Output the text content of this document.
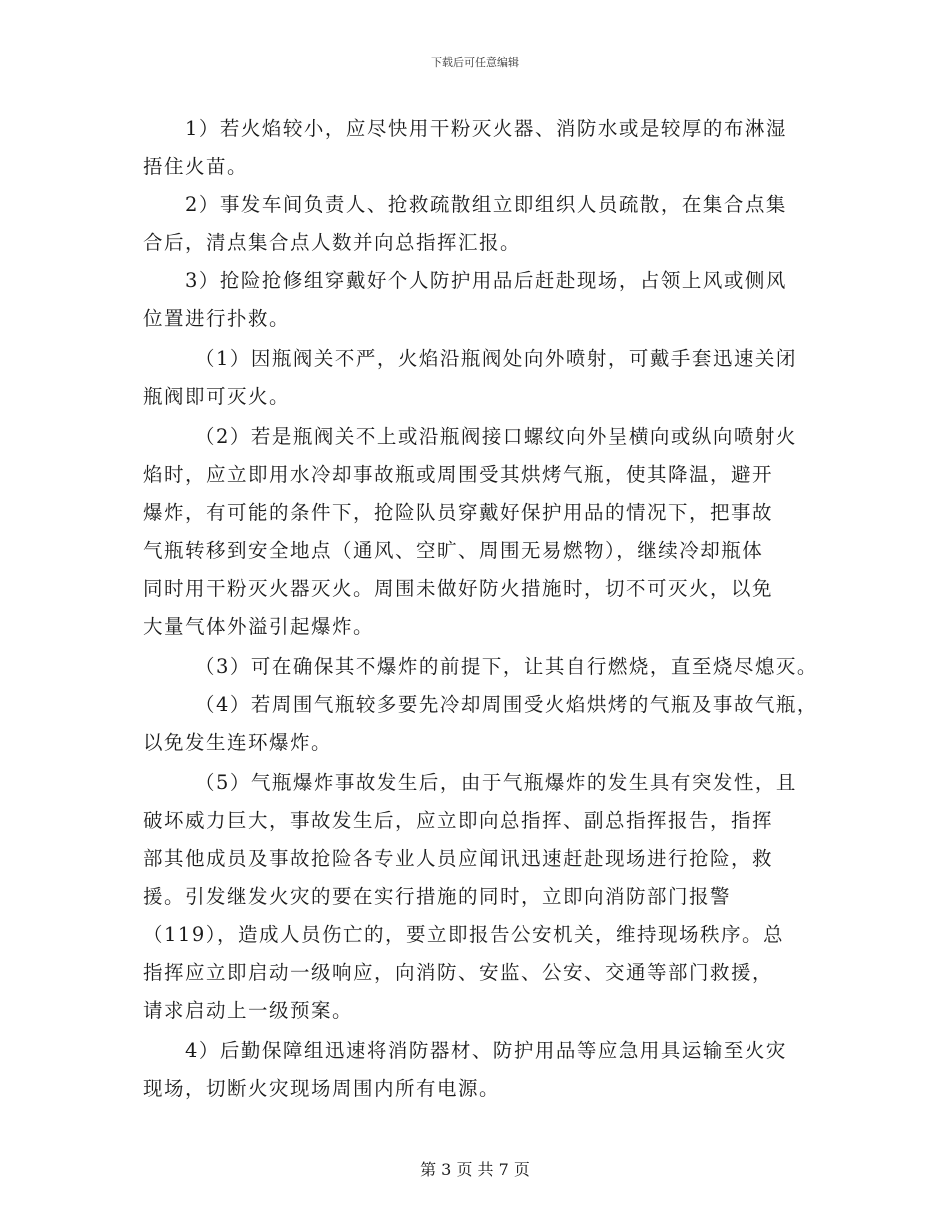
下载后可任意编辑
1）若火焰较小，应尽快用干粉灭火器、消防水或是较厚的布淋湿
捂住火苗。
2）事发车间负责人、抢救疏散组立即组织人员疏散，在集合点集
合后，清点集合点人数并向总指挥汇报。
3）抢险抢修组穿戴好个人防护用品后赶赴现场，占领上风或侧风
位置进行扑救。
（1）因瓶阀关不严，火焰沿瓶阀处向外喷射，可戴手套迅速关闭
瓶阀即可灭火。
（2）若是瓶阀关不上或沿瓶阀接口螺纹向外呈横向或纵向喷射火
焰时，应立即用水冷却事故瓶或周围受其烘烤气瓶，使其降温，避开
爆炸，有可能的条件下，抢险队员穿戴好保护用品的情况下，把事故
气瓶转移到安全地点（通风、空旷、周围无易燃物），继续冷却瓶体
同时用干粉灭火器灭火。周围未做好防火措施时，切不可灭火，以免
大量气体外溢引起爆炸。
（3）可在确保其不爆炸的前提下，让其自行燃烧，直至烧尽熄灭。
（4）若周围气瓶较多要先冷却周围受火焰烘烤的气瓶及事故气瓶，
以免发生连环爆炸。
（5）气瓶爆炸事故发生后，由于气瓶爆炸的发生具有突发性，且
破坏威力巨大，事故发生后，应立即向总指挥、副总指挥报告，指挥
部其他成员及事故抢险各专业人员应闻讯迅速赶赴现场进行抢险，救
援。引发继发火灾的要在实行措施的同时，立即向消防部门报警
（119），造成人员伤亡的，要立即报告公安机关，维持现场秩序。总
指挥应立即启动一级响应，向消防、安监、公安、交通等部门救援，
请求启动上一级预案。
4）后勤保障组迅速将消防器材、防护用品等应急用具运输至火灾
现场，切断火灾现场周围内所有电源。
第 3 页 共 7 页
